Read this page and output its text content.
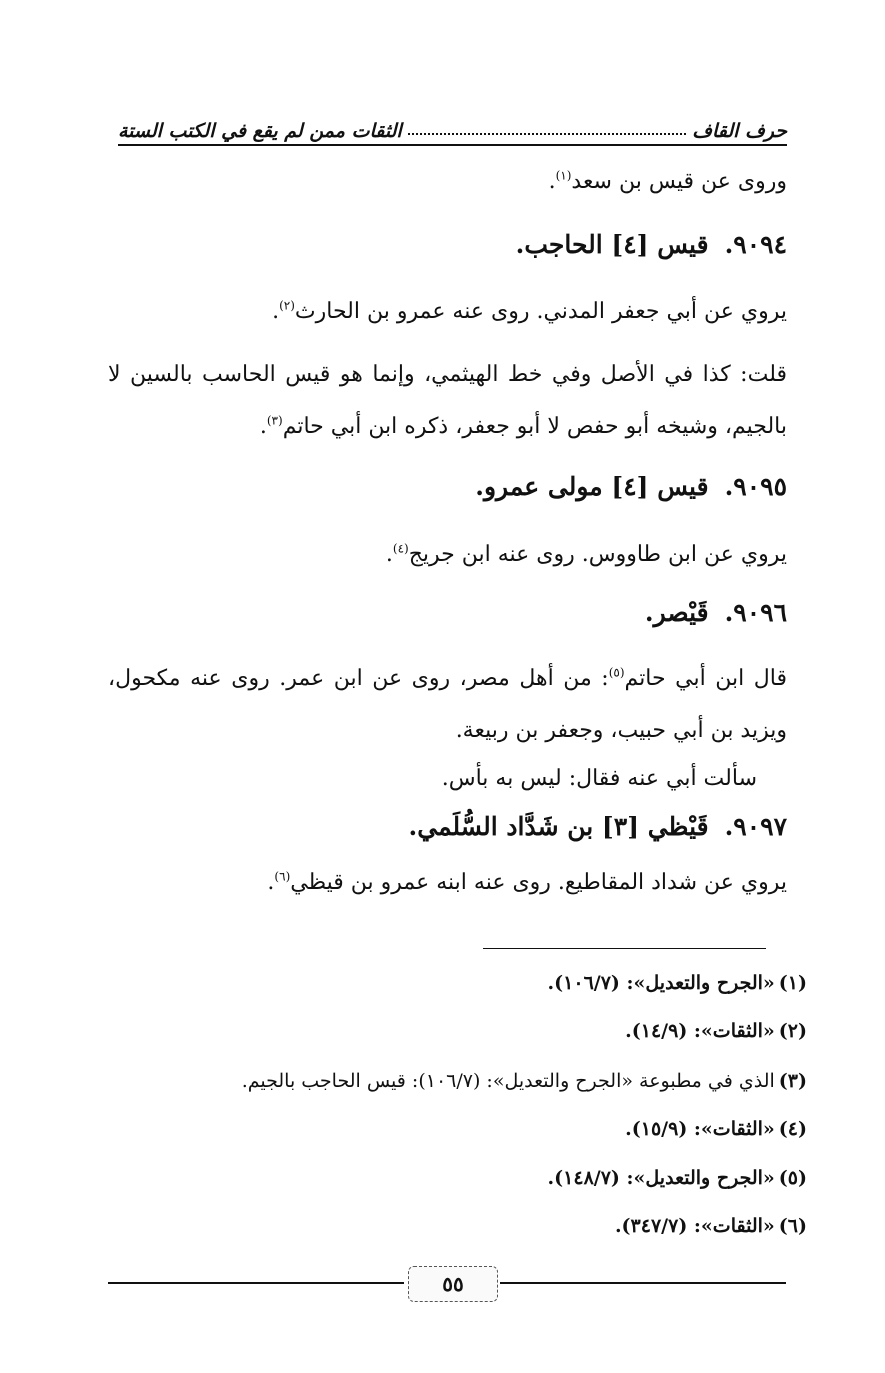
حرف القاف
الثقات ممن لم يقع في الكتب الستة
وروى عن قيس بن سعد$^{(١)}$.
٩٠٩٤.قيس [٤] الحاجب.
يروي عن أبي جعفر المدني. روى عنه عمرو بن الحارث$^{(٢)}$.
قلت: كذا في الأصل وفي خط الهيثمي، وإنما هو قيس الحاسب بالسين لا
بالجيم، وشيخه أبو حفص لا أبو جعفر، ذكره ابن أبي حاتم$^{(٣)}$.
٩٠٩٥.قيس [٤] مولى عمرو.
يروي عن ابن طاووس. روى عنه ابن جريج$^{(٤)}$.
٩٠٩٦.قَيْصر.
قال ابن أبي حاتم$^{(٥)}$: من أهل مصر، روى عن ابن عمر. روى عنه مكحول،
ويزيد بن أبي حبيب، وجعفر بن ربيعة.
سألت أبي عنه فقال: ليس به بأس.
٩٠٩٧.قَيْظي [٣] بن شَدَّاد السُّلَمي.
يروي عن شداد المقاطيع. روى عنه ابنه عمرو بن قيظي$^{(٦)}$.
(١)«الجرح والتعديل»: (١٠٦/٧).
(٢)«الثقات»: (١٤/٩).
(٣)الذي في مطبوعة «الجرح والتعديل»: (١٠٦/٧): قيس الحاجب بالجيم.
(٤)«الثقات»: (١٥/٩).
(٥)«الجرح والتعديل»: (١٤٨/٧).
(٦)«الثقات»: (٣٤٧/٧).
٥٥
